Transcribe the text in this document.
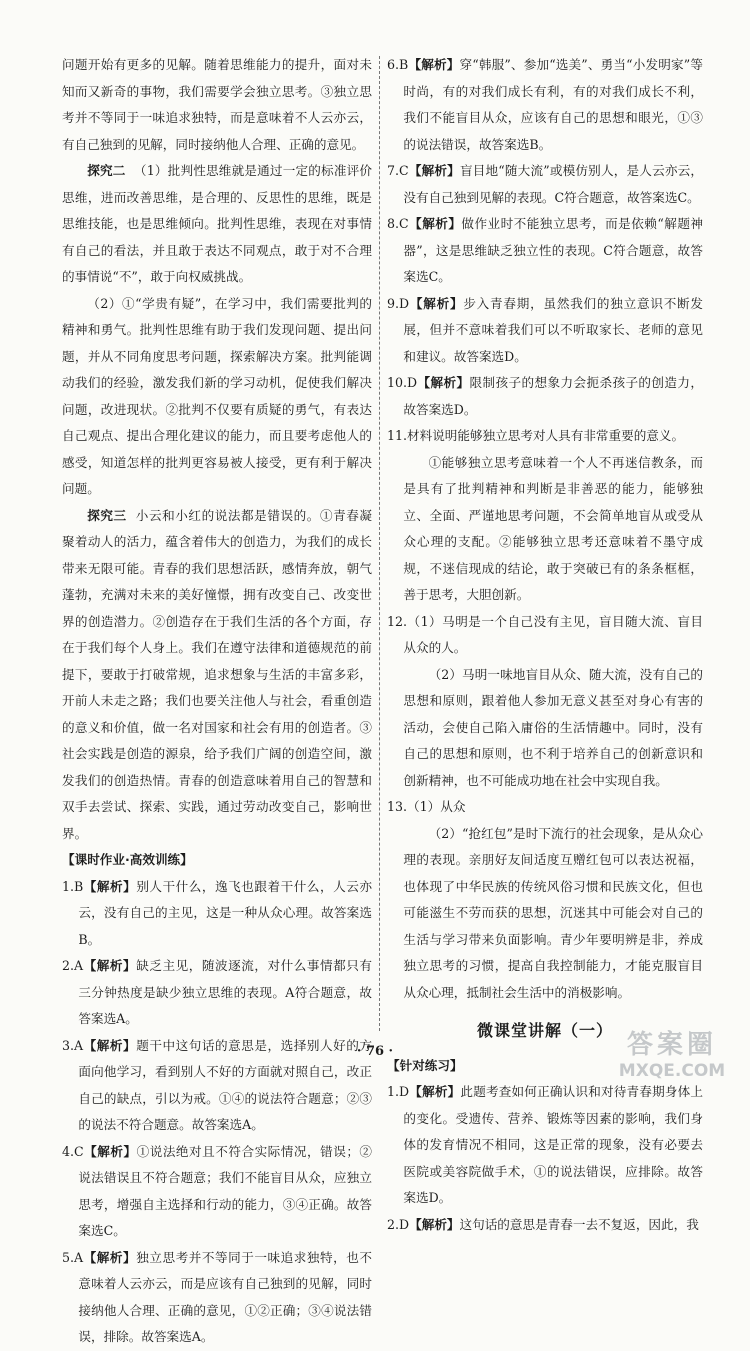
问题开始有更多的见解。随着思维能力的提升，面对未知而又新奇的事物，我们需要学会独立思考。③独立思考并不等同于一味追求独特，而是意味着不人云亦云，有自己独到的见解，同时接纳他人合理、正确的意见。

探究二 （1）批判性思维就是通过一定的标准评价思维，进而改善思维，是合理的、反思性的思维，既是思维技能，也是思维倾向。批判性思维，表现在对事情有自己的看法，并且敢于表达不同观点，敢于对不合理的事情说“不”，敢于向权威挑战。

（2）①“学贵有疑”，在学习中，我们需要批判的精神和勇气。批判性思维有助于我们发现问题、提出问题，并从不同角度思考问题，探索解决方案。批判能调动我们的经验，激发我们新的学习动机，促使我们解决问题，改进现状。②批判不仅要有质疑的勇气，有表达自己观点、提出合理化建议的能力，而且要考虑他人的感受，知道怎样的批判更容易被人接受，更有利于解决问题。

探究三 小云和小红的说法都是错误的。①青春凝聚着动人的活力，蕴含着伟大的创造力，为我们的成长带来无限可能。青春的我们思想活跃，感情奔放，朝气蓬勃，充满对未来的美好憧憬，拥有改变自己、改变世界的创造潜力。②创造存在于我们生活的各个方面，存在于我们每个人身上。我们在遵守法律和道德规范的前提下，要敢于打破常规，追求想象与生活的丰富多彩，开前人未走之路；我们也要关注他人与社会，看重创造的意义和价值，做一名对国家和社会有用的创造者。③社会实践是创造的源泉，给予我们广阔的创造空间，激发我们的创造热情。青春的创造意味着用自己的智慧和双手去尝试、探索、实践，通过劳动改变自己，影响世界。

【课时作业·高效训练】

1.B【解析】别人干什么，逸飞也跟着干什么，人云亦云，没有自己的主见，这是一种从众心理。故答案选B。

2.A【解析】缺乏主见，随波逐流，对什么事情都只有三分钟热度是缺少独立思维的表现。A符合题意，故答案选A。

3.A【解析】题干中这句话的意思是，选择别人好的方面向他学习，看到别人不好的方面就对照自己，改正自己的缺点，引以为戒。①④的说法符合题意；②③的说法不符合题意。故答案选A。

4.C【解析】①说法绝对且不符合实际情况，错误；②说法错误且不符合题意；我们不能盲目从众，应独立思考，增强自主选择和行动的能力，③④正确。故答案选C。

5.A【解析】独立思考并不等同于一味追求独特，也不意味着人云亦云，而是应该有自己独到的见解，同时接纳他人合理、正确的意见，①②正确；③④说法错误，排除。故答案选A。

6.B【解析】穿“韩服”、参加“选美”、勇当“小发明家”等时尚，有的对我们成长有利，有的对我们成长不利，我们不能盲目从众，应该有自己的思想和眼光，①③的说法错误，故答案选B。

7.C【解析】盲目地“随大流”或模仿别人，是人云亦云，没有自己独到见解的表现。C符合题意，故答案选C。

8.C【解析】做作业时不能独立思考，而是依赖“解题神器”，这是思维缺乏独立性的表现。C符合题意，故答案选C。

9.D【解析】步入青春期，虽然我们的独立意识不断发展，但并不意味着我们可以不听取家长、老师的意见和建议。故答案选D。

10.D【解析】限制孩子的想象力会扼杀孩子的创造力，故答案选D。

11.材料说明能够独立思考对人具有非常重要的意义。

①能够独立思考意味着一个人不再迷信教条，而是具有了批判精神和判断是非善恶的能力，能够独立、全面、严谨地思考问题，不会简单地盲从或受从众心理的支配。②能够独立思考还意味着不墨守成规，不迷信现成的结论，敢于突破已有的条条框框，善于思考，大胆创新。

12.（1）马明是一个自己没有主见，盲目随大流、盲目从众的人。

（2）马明一味地盲目从众、随大流，没有自己的思想和原则，跟着他人参加无意义甚至对身心有害的活动，会使自己陷入庸俗的生活情趣中。同时，没有自己的思想和原则，也不利于培养自己的创新意识和创新精神，也不可能成功地在社会中实现自我。

13.（1）从众

（2）“抢红包”是时下流行的社会现象，是从众心理的表现。亲朋好友间适度互赠红包可以表达祝福，也体现了中华民族的传统风俗习惯和民族文化，但也可能滋生不劳而获的思想，沉迷其中可能会对自己的生活与学习带来负面影响。青少年要明辨是非，养成独立思考的习惯，提高自我控制能力，才能克服盲目从众心理，抵制社会生活中的消极影响。

微课堂讲解（一）

【针对练习】

1.D【解析】此题考查如何正确认识和对待青春期身体上的变化。受遗传、营养、锻炼等因素的影响，我们身体的发育情况不相同，这是正常的现象，没有必要去医院或美容院做手术，①的说法错误，应排除。故答案选D。

2.D【解析】这句话的意思是青春一去不复返，因此，我

· 76 ·	答案圈
MXQE.COM
